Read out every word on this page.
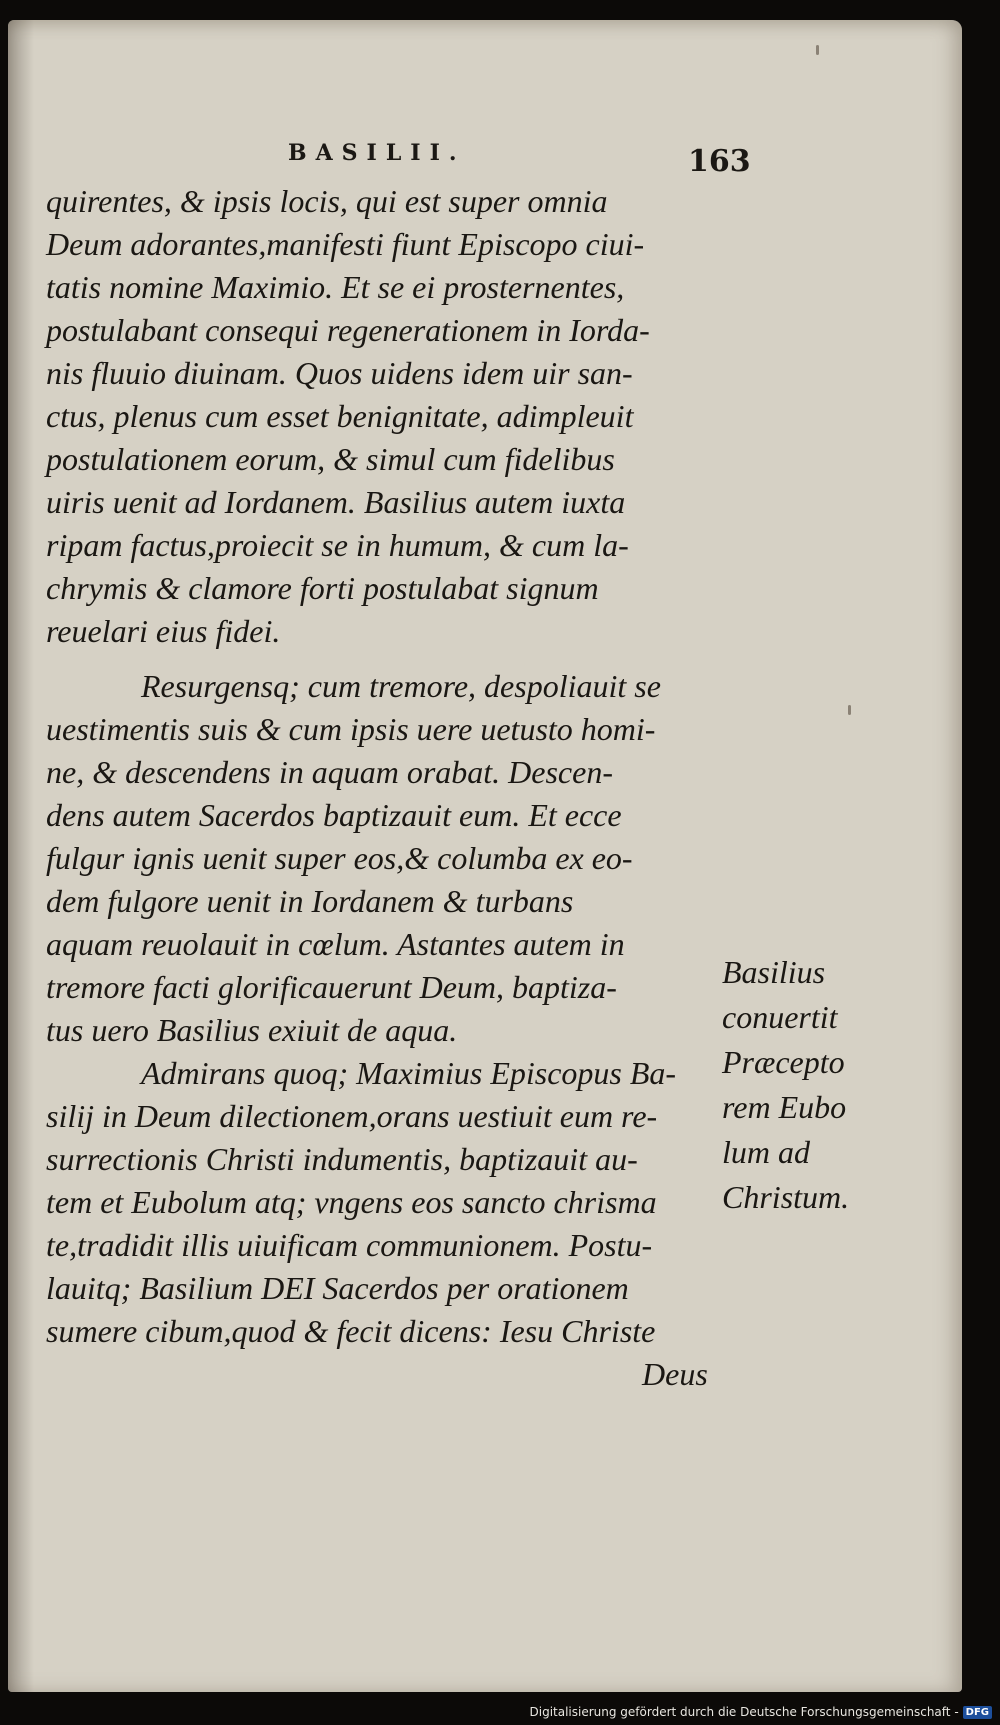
BASILII.	163
quirentes, & ipsis locis, qui est super omnia
Deum adorantes,manifesti fiunt Episcopo ciui-
tatis nomine Maximio. Et se ei prosternentes,
postulabant consequi regenerationem in Iorda-
nis fluuio diuinam. Quos uidens idem uir san-
ctus, plenus cum esset benignitate, adimpleuit
postulationem eorum, & simul cum fidelibus
uiris uenit ad Iordanem. Basilius autem iuxta
ripam factus,proiecit se in humum, & cum la-
chrymis & clamore forti postulabat signum
reuelari eius fidei.
Resurgensq; cum tremore, despoliauit se
uestimentis suis & cum ipsis uere uetusto homi-
ne, & descendens in aquam orabat. Descen-
dens autem Sacerdos baptizauit eum. Et ecce
fulgur ignis uenit super eos,& columba ex eo-
dem fulgore uenit in Iordanem & turbans
aquam reuolauit in cœlum. Astantes autem in
tremore facti glorificauerunt Deum, baptiza-
tus uero Basilius exiuit de aqua.
Admirans quoq; Maximius Episcopus Ba-
silij in Deum dilectionem,orans uestiuit eum re-
surrectionis Christi indumentis, baptizauit au-
tem et Eubolum atq; vngens eos sancto chrisma
te,tradidit illis uiuificam communionem. Postu-
lauitq; Basilium DEI Sacerdos per orationem
sumere cibum,quod & fecit dicens: Iesu Christe
Deus
Basilius
conuertit
Præcepto
rem Eubo
lum ad
Christum.
Digitalisierung gefördert durch die Deutsche Forschungsgemeinschaft - DFG
